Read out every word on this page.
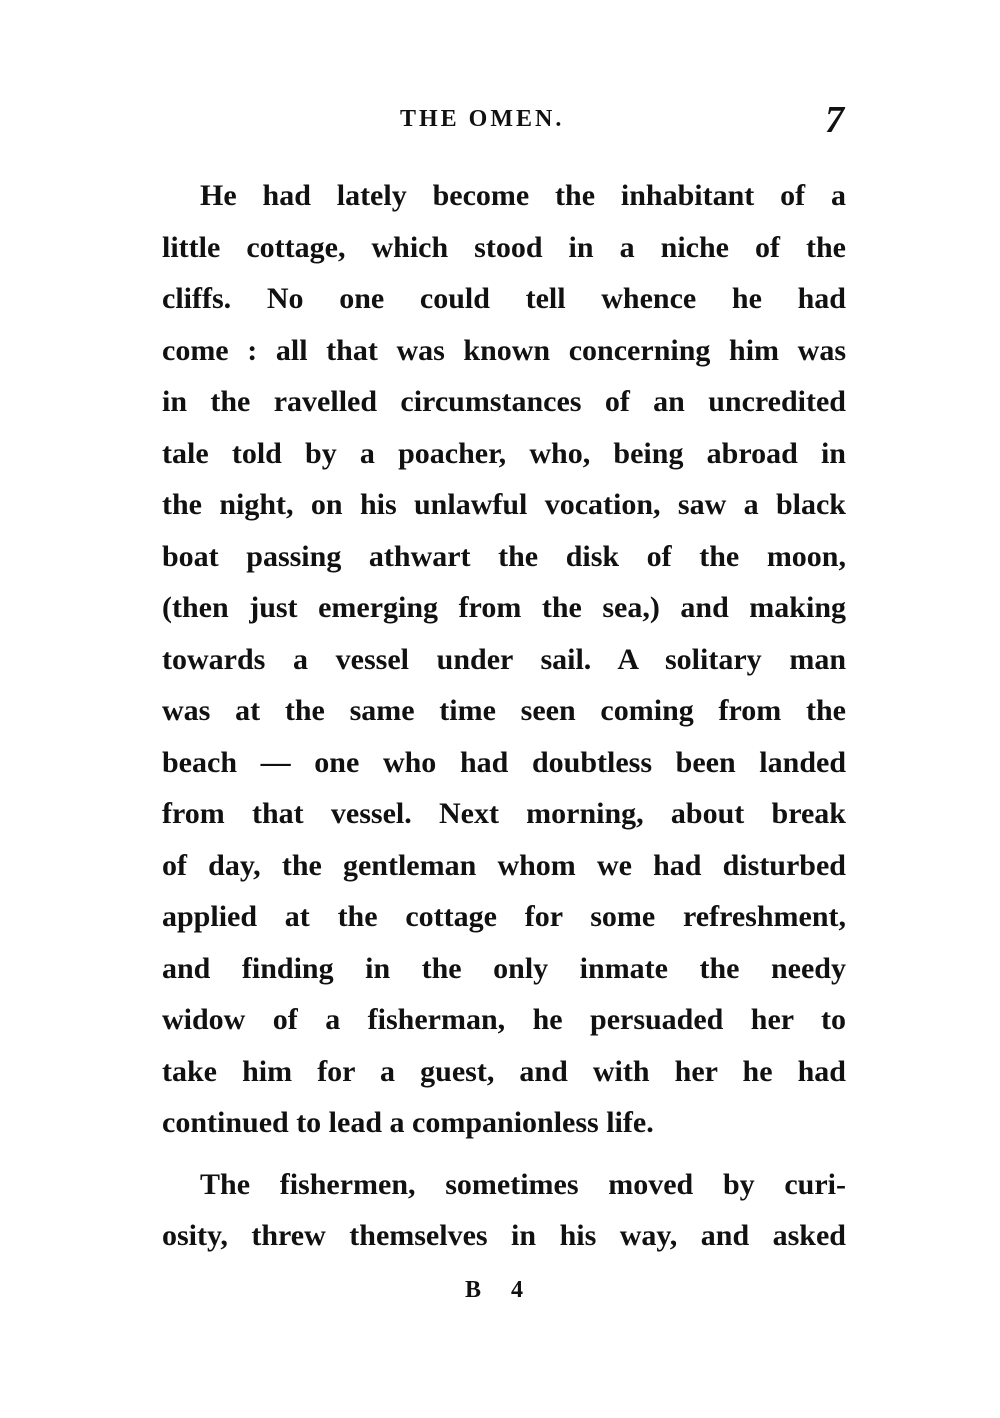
THE OMEN.	7
He had lately become the inhabitant of a
little cottage, which stood in a niche of the
cliffs. No one could tell whence he had
come : all that was known concerning him was
in the ravelled circumstances of an uncredited
tale told by a poacher, who, being abroad in
the night, on his unlawful vocation, saw a black
boat passing athwart the disk of the moon,
(then just emerging from the sea,) and making
towards a vessel under sail. A solitary man
was at the same time seen coming from the
beach — one who had doubtless been landed
from that vessel. Next morning, about break
of day, the gentleman whom we had disturbed
applied at the cottage for some refreshment,
and finding in the only inmate the needy
widow of a fisherman, he persuaded her to
take him for a guest, and with her he had
continued to lead a companionless life.
The fishermen, sometimes moved by curi-
osity, threw themselves in his way, and asked
B 4
